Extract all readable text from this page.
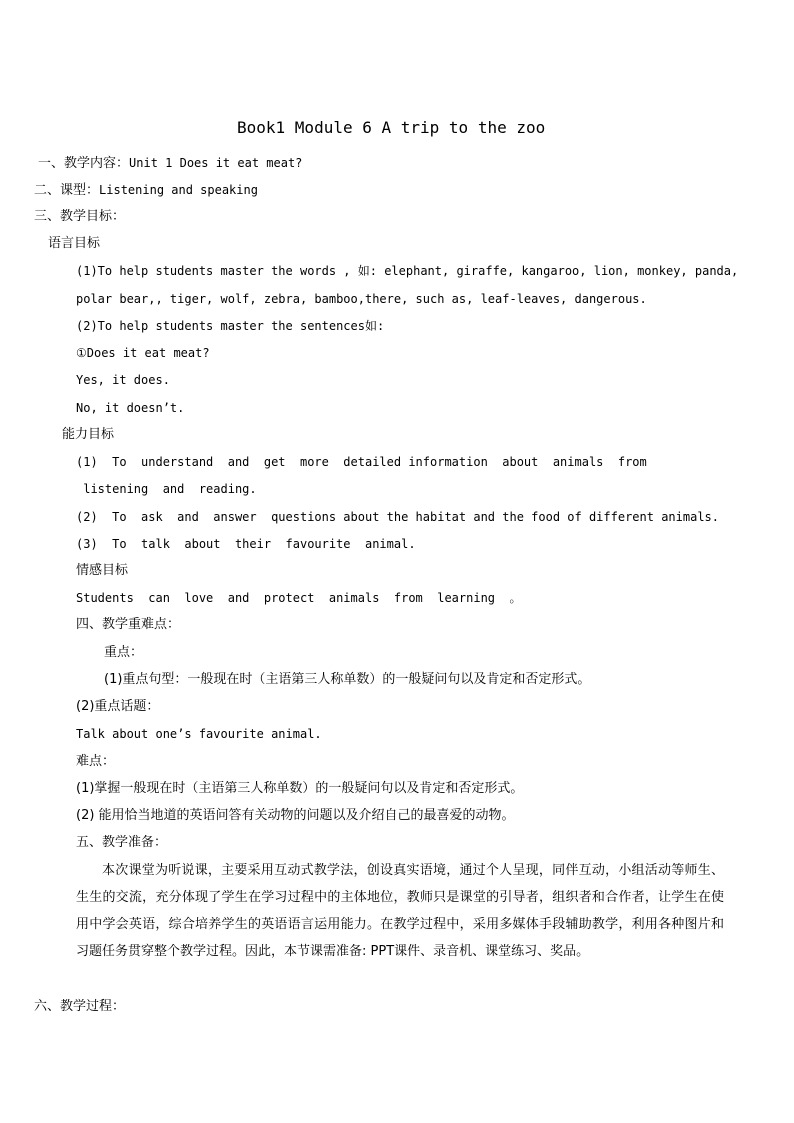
Book1 Module 6 A trip to the zoo
一、教学内容：Unit 1 Does it eat meat?
二、课型：Listening and speaking
三、教学目标：
语言目标
(1)To help students master the words , 如: elephant, giraffe, kangaroo, lion, monkey, panda,
polar bear,, tiger, wolf, zebra, bamboo,there, such as, leaf-leaves, dangerous.
(2)To help students master the sentences如:
①Does it eat meat?
Yes, it does.
No, it doesn’t.
能力目标
(1)  To  understand  and  get  more  detailed information  about  animals  from
listening  and  reading.
(2)  To  ask  and  answer  questions about the habitat and the food of different animals.
(3)  To  talk  about  their  favourite  animal.
情感目标
Students  can  love  and  protect  animals  from  learning  。
四、教学重难点：
重点：
(1)重点句型：一般现在时（主语第三人称单数）的一般疑问句以及肯定和否定形式。
(2)重点话题：
Talk about one’s favourite animal.
难点：
(1)掌握一般现在时（主语第三人称单数）的一般疑问句以及肯定和否定形式。
(2) 能用恰当地道的英语问答有关动物的问题以及介绍自己的最喜爱的动物。
五、教学准备：
本次课堂为听说课，主要采用互动式教学法，创设真实语境，通过个人呈现，同伴互动，小组活动等师生、生生的交流，充分体现了学生在学习过程中的主体地位，教师只是课堂的引导者，组织者和合作者，让学生在使用中学会英语，综合培养学生的英语语言运用能力。在教学过程中，采用多媒体手段辅助教学，利用各种图片和习题任务贯穿整个教学过程。因此，本节课需准备: PPT课件、录音机、课堂练习、奖品。
六、教学过程：
